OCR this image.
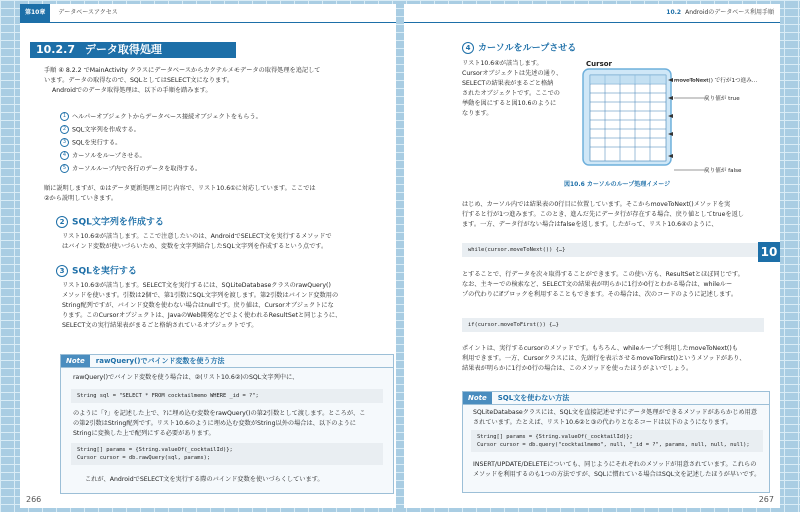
第10章 データベースアクセス
10.2.7 データ取得処理
手順 ④ 8.2.2 でMainActivity クラスにデータベースからカクテルメモデータの取得処理を追記して
います。データの取得なので、SQLとしてはSELECT文になります。
Androidでのデータ取得処理は、以下の手順を踏みます。
1 ヘルパーオブジェクトからデータベース接続オブジェクトをもらう。
2 SQL文字列を作成する。
3 SQLを実行する。
4 カーソルをループさせる。
5 カーソルループ内で各行のデータを取得する。
順に説明しますが、①はデータ更新処理と同じ内容で、リスト10.6①に対応しています。ここでは
②から説明していきます。
2 SQL文字列を作成する
リスト10.6②が該当します。ここで注意したいのは、AndroidでSELECT文を実行するメソッドで
はバインド変数が使いづらいため、変数を文字列結合したSQL文字列を作成するという点です。
3 SQLを実行する
リスト10.6③が該当します。SELECT文を実行するには、SQLiteDatabaseクラスのrawQuery()
メソッドを使います。引数は2個で、第1引数にSQL文字列を渡します。第2引数はバインド変数用の
String配列ですが、バインド変数を使わない場合はnullです。戻り値は、Cursorオブジェクトにな
ります。このCursorオブジェクトは、JavaのWeb開発などでよく使われるResultSetと同じように、
SELECT文の実行結果表がまるごと格納されているオブジェクトです。
Note rawQuery()でバインド変数を使う方法
rawQuery()でバインド変数を使う場合は、②(リスト10.6②)のSQL文字列中に、
String sql = "SELECT * FROM cocktailmemo WHERE _id = ?";
のように「?」を記述した上で、?に埋め込む変数をrawQuery()の第2引数として渡します。ところが、こ
の第2引数はString配列です。リスト10.6のように埋め込む変数がString以外の場合は、以下のように
Stringに変換した上で配列にする必要があります。
String[] params = {String.valueOf(_cocktailId)};
Cursor cursor = db.rawQuery(sql, params);
これが、AndroidでSELECT文を実行する際のバインド変数を使いづらくしています。
266
10.2 Androidのデータベース利用手順
4 カーソルをループさせる
リスト10.6④が該当します。
Cursorオブジェクトは先述の通り、
SELECTの結果表がまるごと格納
されたオブジェクトです。ここでの
挙動を図にすると図10.6のように
なります。
Cursor
moveToNext() で行が1つ進み…
戻り値が true
戻り値が false
図10.6 カーソルのループ処理イメージ
はじめ、カーソル内では結果表の0行目に位置しています。そこからmoveToNext()メソッドを実
行すると行が1つ進みます。このとき、進んだ先にデータ行が存在する場合、戻り値としてtrueを返し
ます。一方、データ行がない場合はfalseを返します。したがって、リスト10.6④のように、
while(cursor.moveToNext()) {…}
とすることで、行データを次々取得することができます。この使い方も、ResultSetとほぼ同じです。
なお、主キーでの検索など、SELECT文の結果表が明らかに1行か0行とわかる場合は、whileルー
プの代わりにifブロックを利用することもできます。その場合は、次のコードのように記述します。
if(cursor.moveToFirst()) {…}
ポイントは、実行するcursorのメソッドです。もちろん、whileループで利用したmoveToNext()も
利用できます。一方、Cursorクラスには、先頭行を表示させるmoveToFirst()というメソッドがあり、
結果表が明らかに1行か0行の場合は、このメソッドを使ったほうがよいでしょう。
Note SQL文を使わない方法
SQLiteDatabaseクラスには、SQL文を直接記述せずにデータ処理ができるメソッドがあらかじめ用意
されています。たとえば、リスト10.6②と③の代わりとなるコードは以下のようになります。
String[] params = {String.valueOf(_cocktailId)};
Cursor cursor = db.query("cocktailmemo", null, "_id = ?", params, null, null, null);
INSERT/UPDATE/DELETEについても、同じようにそれぞれのメソッドが用意されています。これらの
メソッドを利用するのも1つの方法ですが、SQLに慣れている場合はSQL文を記述したほうが早いです。
10
267
